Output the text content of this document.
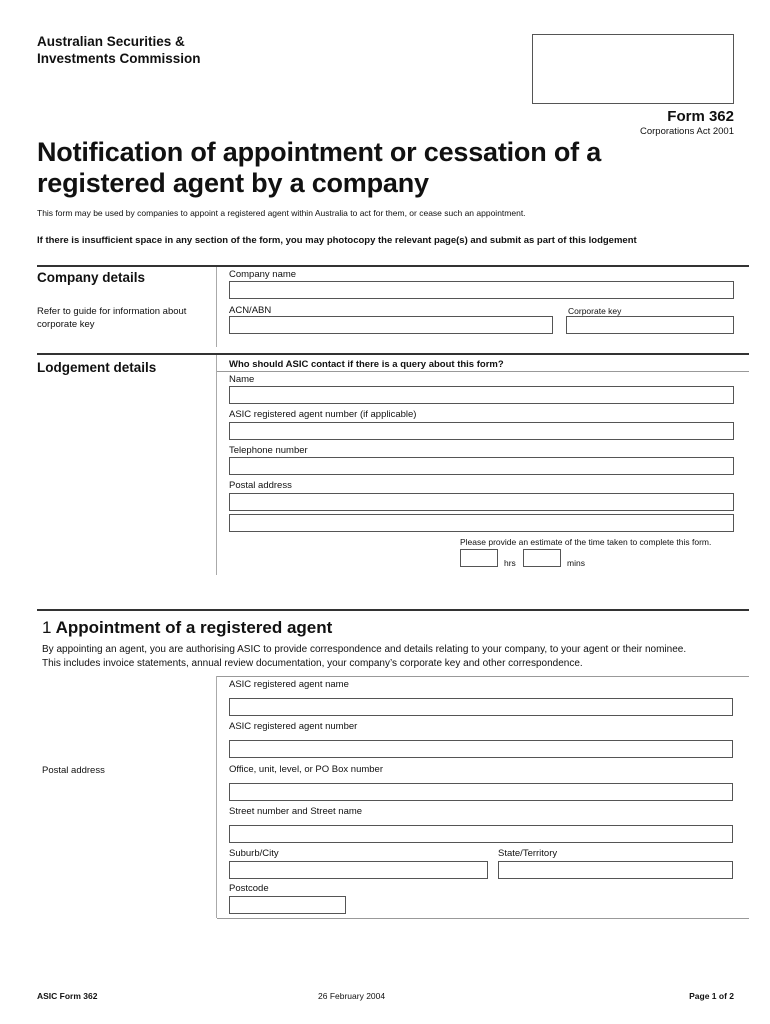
Australian Securities &
Investments Commission
Form 362
Corporations Act 2001
Notification of appointment or cessation of a
registered agent by a company
This form may be used by companies to appoint a registered agent within Australia to act for them, or cease such an appointment.
If there is insufficient space in any section of the form, you may photocopy the relevant page(s) and submit as part of this lodgement
Company details
Refer to guide for information about
corporate key
Company name
ACN/ABN	Corporate key
Lodgement details	Who should ASIC contact if there is a query about this form?
Name
ASIC registered agent number (if applicable)
Telephone number
Postal address
Please provide an estimate of the time taken to complete this form.
hrs	mins
1 Appointment of a registered agent
By appointing an agent, you are authorising ASIC to provide correspondence and details relating to your company, to your agent or their nominee.
This includes invoice statements, annual review documentation, your company’s corporate key and other correspondence.
ASIC registered agent name
ASIC registered agent number
Postal address	Office, unit, level, or PO Box number
Street number and Street name
Suburb/City	State/Territory
Postcode
ASIC Form 362	26 February 2004	Page 1 of 2
